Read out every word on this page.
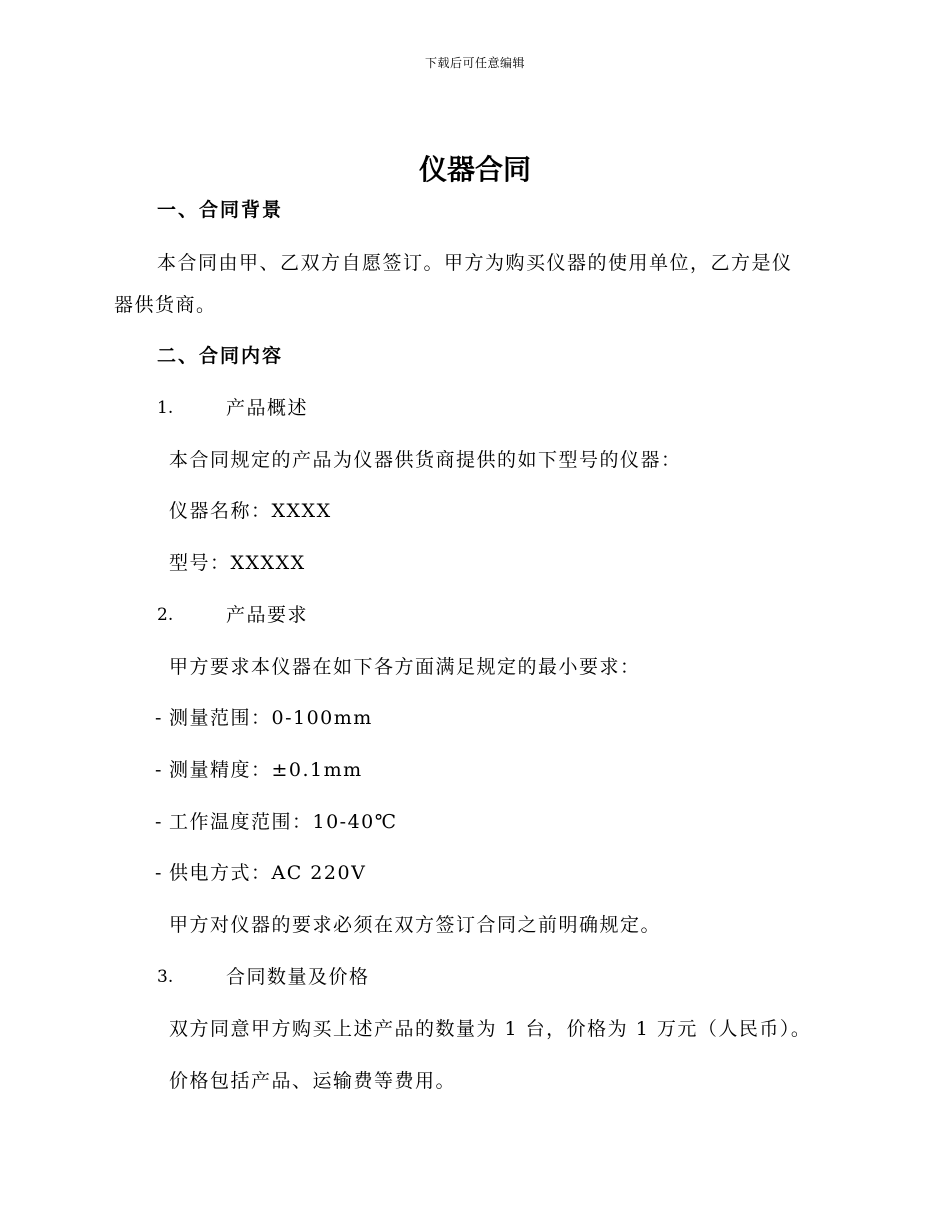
下载后可任意编辑
仪器合同
一、合同背景
本合同由甲、乙双方自愿签订。甲方为购买仪器的使用单位，乙方是仪
器供货商。
二、合同内容
1.	产品概述
本合同规定的产品为仪器供货商提供的如下型号的仪器：
仪器名称：XXXX
型号：XXXXX
2.	产品要求
甲方要求本仪器在如下各方面满足规定的最小要求：
- 测量范围：0-100mm
- 测量精度：±0.1mm
- 工作温度范围：10-40℃
- 供电方式：AC 220V
甲方对仪器的要求必须在双方签订合同之前明确规定。
3.	合同数量及价格
双方同意甲方购买上述产品的数量为 1 台，价格为 1 万元（人民币）。
价格包括产品、运输费等费用。
